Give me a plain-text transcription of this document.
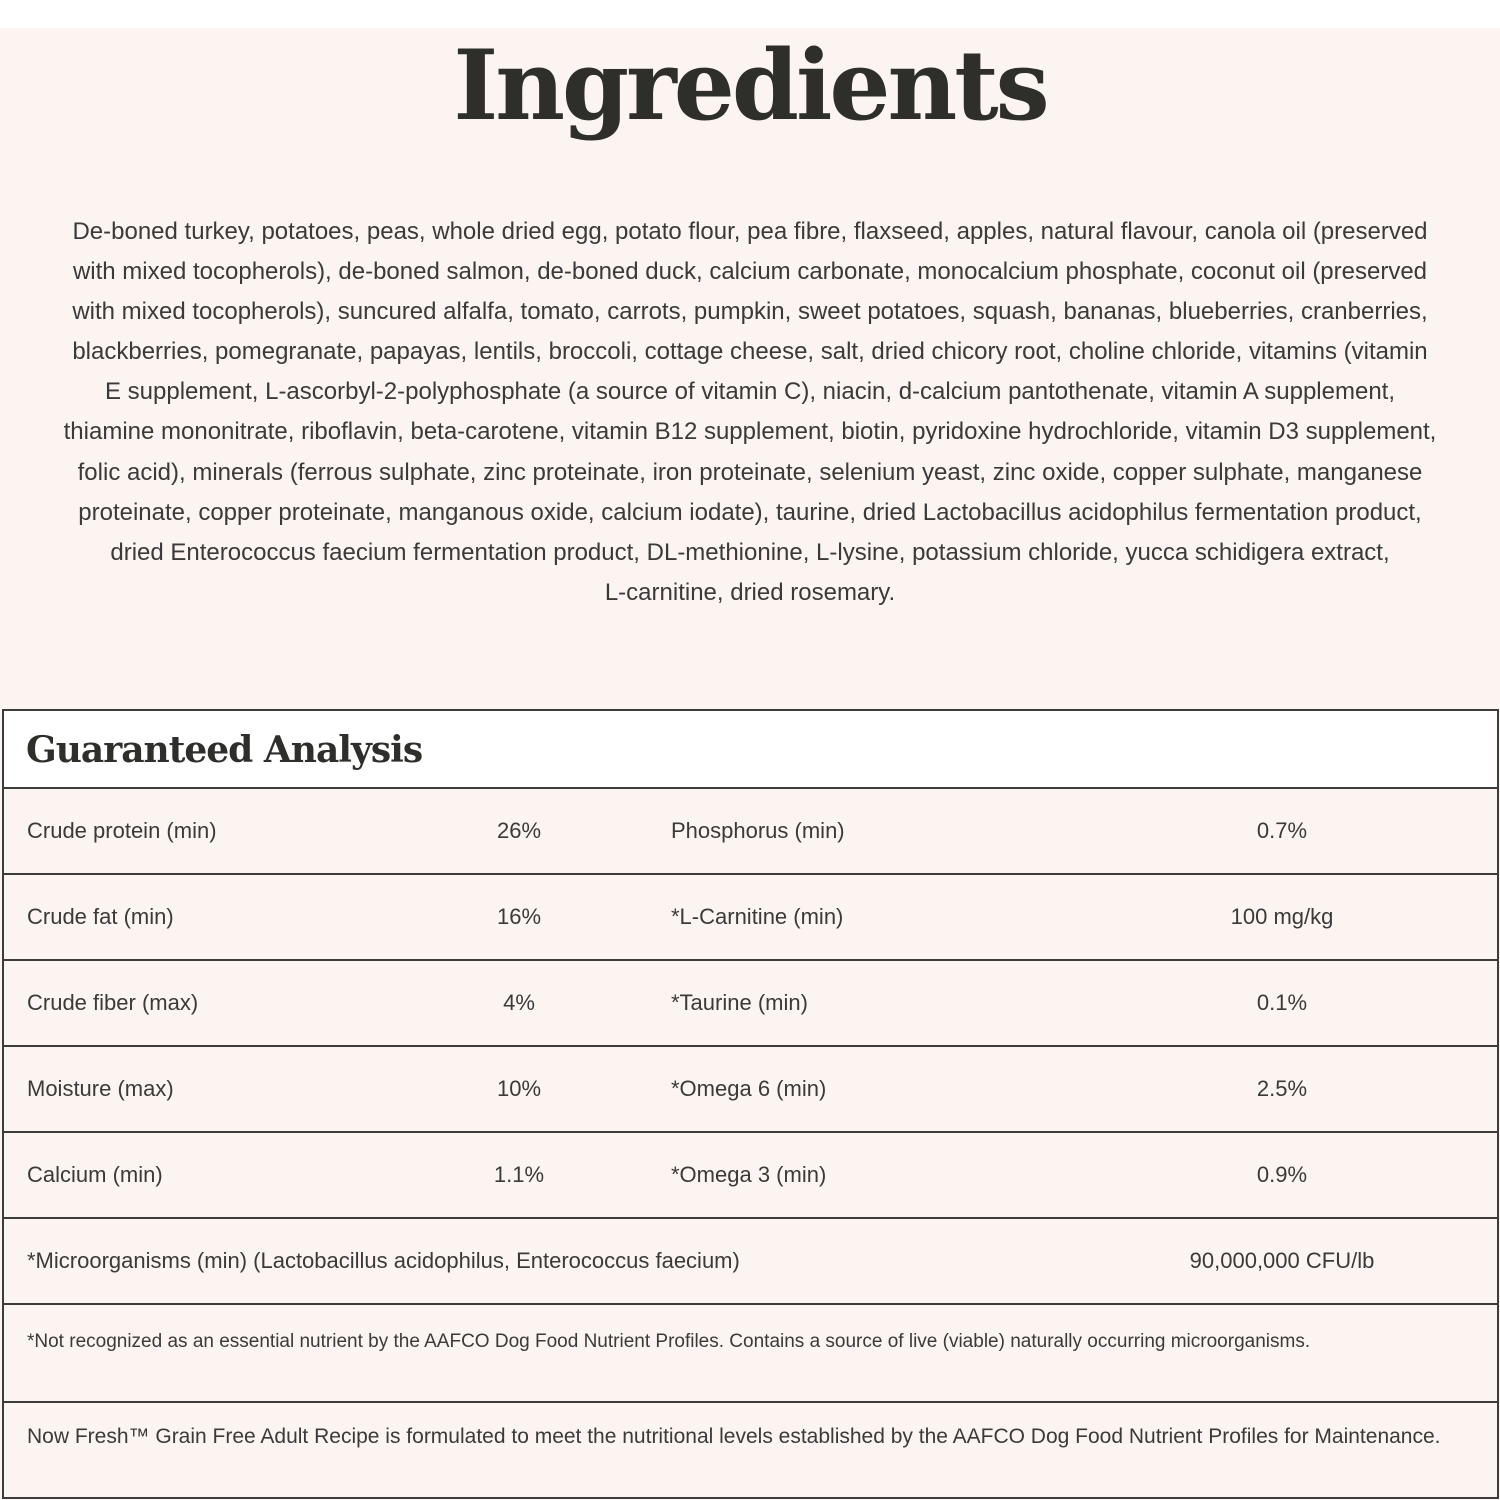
Ingredients
De-boned turkey, potatoes, peas, whole dried egg, potato flour, pea fibre, flaxseed, apples, natural flavour, canola oil (preserved
with mixed tocopherols), de-boned salmon, de-boned duck, calcium carbonate, monocalcium phosphate, coconut oil (preserved
with mixed tocopherols), suncured alfalfa, tomato, carrots, pumpkin, sweet potatoes, squash, bananas, blueberries, cranberries,
blackberries, pomegranate, papayas, lentils, broccoli, cottage cheese, salt, dried chicory root, choline chloride, vitamins (vitamin
E supplement, L-ascorbyl-2-polyphosphate (a source of vitamin C), niacin, d-calcium pantothenate, vitamin A supplement,
thiamine mononitrate, riboflavin, beta-carotene, vitamin B12 supplement, biotin, pyridoxine hydrochloride, vitamin D3 supplement,
folic acid), minerals (ferrous sulphate, zinc proteinate, iron proteinate, selenium yeast, zinc oxide, copper sulphate, manganese
proteinate, copper proteinate, manganous oxide, calcium iodate), taurine, dried Lactobacillus acidophilus fermentation product,
dried Enterococcus faecium fermentation product, DL-methionine, L-lysine, potassium chloride, yucca schidigera extract,
L-carnitine, dried rosemary.
Guaranteed Analysis
Crude protein (min)	26%	Phosphorus (min)	0.7%
Crude fat (min)	16%	*L-Carnitine (min)	100 mg/kg
Crude fiber (max)	4%	*Taurine (min)	0.1%
Moisture (max)	10%	*Omega 6 (min)	2.5%
Calcium (min)	1.1%	*Omega 3 (min)	0.9%
*Microorganisms (min) (Lactobacillus acidophilus, Enterococcus faecium)	90,000,000 CFU/lb

*Not recognized as an essential nutrient by the AAFCO Dog Food Nutrient Profiles. Contains a source of live (viable) naturally occurring microorganisms.

Now Fresh™ Grain Free Adult Recipe is formulated to meet the nutritional levels established by the AAFCO Dog Food Nutrient Profiles for Maintenance.
